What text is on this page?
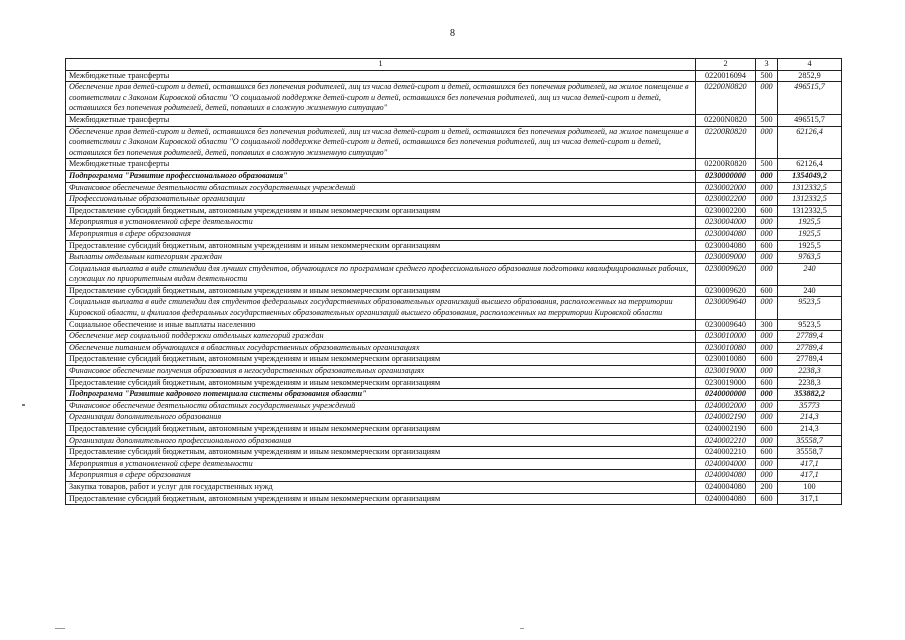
8
1	2	3	4
Межбюджетные трансферты	0220016094	500	2852,9
Обеспечение прав детей-сирот и детей, оставшихся без попечения родителей, лиц из числа детей-сирот и детей, оставшихся без попечения родителей, на жилое помещение в соответствии с Законом Кировской области "О социальной поддержке детей-сирот и детей, оставшихся без попечения родителей, лиц из числа детей-сирот и детей, оставшихся без попечения родителей, детей, попавших в сложную жизненную ситуацию"	02200N0820	000	496515,7
Межбюджетные трансферты	02200N0820	500	496515,7
Обеспечение прав детей-сирот и детей, оставшихся без попечения родителей, лиц из числа детей-сирот и детей, оставшихся без попечения родителей, на жилое помещение в соответствии с Законом Кировской области "О социальной поддержке детей-сирот и детей, оставшихся без попечения родителей, лиц из числа детей-сирот и детей, оставшихся без попечения родителей, детей, попавших в сложную жизненную ситуацию"	02200R0820	000	62126,4
Межбюджетные трансферты	02200R0820	500	62126,4
Подпрограмма "Развитие профессионального образования"	0230000000	000	1354049,2
Финансовое обеспечение деятельности областных государственных учреждений	0230002000	000	1312332,5
Профессиональные образовательные организации	0230002200	000	1312332,5
Предоставление субсидий бюджетным, автономным учреждениям и иным некоммерческим организациям	0230002200	600	1312332,5
Мероприятия в установленной сфере деятельности	0230004000	000	1925,5
Мероприятия в сфере образования	0230004080	000	1925,5
Предоставление субсидий бюджетным, автономным учреждениям и иным некоммерческим организациям	0230004080	600	1925,5
Выплаты отдельным категориям граждан	0230009000	000	9763,5
Социальная выплата в виде стипендии для лучших студентов, обучающихся по программам среднего профессионального образования подготовки квалифицированных рабочих, служащих по приоритетным видам деятельности	0230009620	000	240
Предоставление субсидий бюджетным, автономным учреждениям и иным некоммерческим организациям	0230009620	600	240
Социальная выплата в виде стипендии для студентов федеральных государственных образовательных организаций высшего образования, расположенных на территории Кировской области, и филиалов федеральных государственных образовательных организаций высшего образования, расположенных на территории Кировской области	0230009640	000	9523,5
Социальное обеспечение и иные выплаты населению	0230009640	300	9523,5
Обеспечение мер социальной поддержки отдельных категорий граждан	0230010000	000	27789,4
Обеспечение питанием обучающихся в областных государственных образовательных организациях	0230010080	000	27789,4
Предоставление субсидий бюджетным, автономным учреждениям и иным некоммерческим организациям	0230010080	600	27789,4
Финансовое обеспечение получения образования в негосударственных образовательных организациях	0230019000	000	2238,3
Предоставление субсидий бюджетным, автономным учреждениям и иным некоммерческим организациям	0230019000	600	2238,3
Подпрограмма "Развитие кадрового потенциала системы образования области"	0240000000	000	353882,2
Финансовое обеспечение деятельности областных государственных учреждений	0240002000	000	35773
Организации дополнительного образования	0240002190	000	214,3
Предоставление субсидий бюджетным, автономным учреждениям и иным некоммерческим организациям	0240002190	600	214,3
Организации дополнительного профессионального образования	0240002210	000	35558,7
Предоставление субсидий бюджетным, автономным учреждениям и иным некоммерческим организациям	0240002210	600	35558,7
Мероприятия в установленной сфере деятельности	0240004000	000	417,1
Мероприятия в сфере образования	0240004080	000	417,1
Закупка товаров, работ и услуг для государственных нужд	0240004080	200	100
Предоставление субсидий бюджетным, автономным учреждениям и иным некоммерческим организациям	0240004080	600	317,1
